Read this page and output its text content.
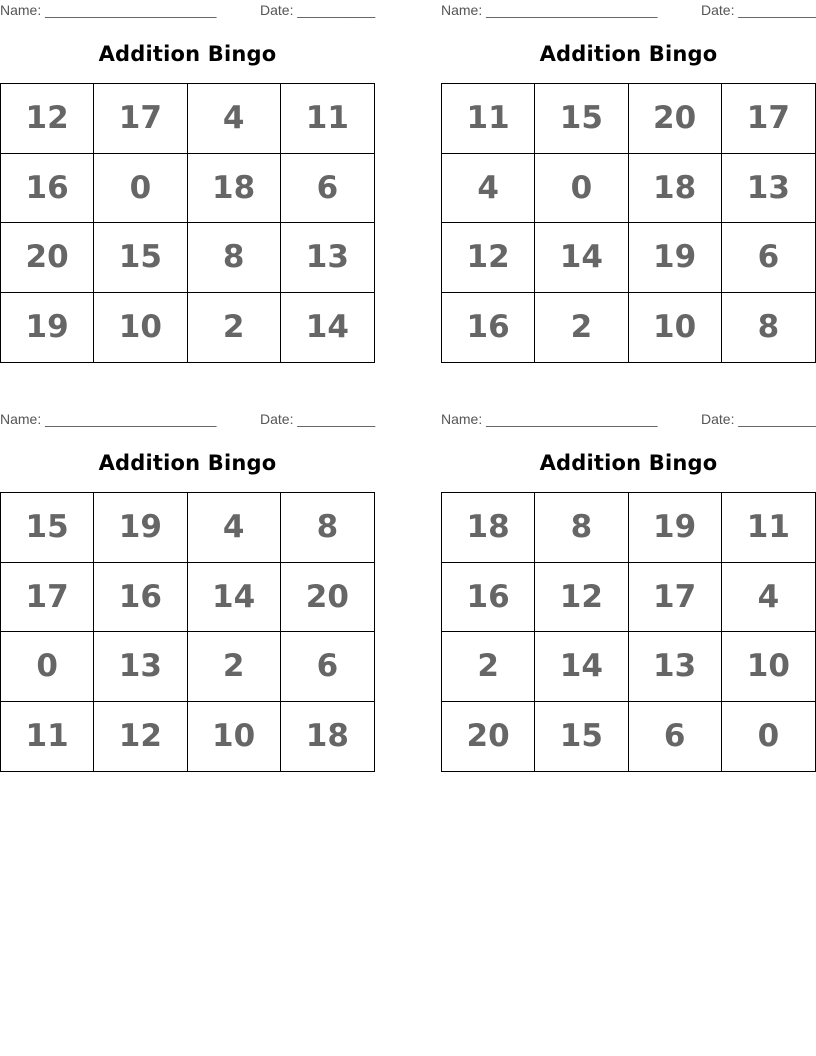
Name: ______________________	Date: __________
Addition Bingo
12	17	4	11
16	0	18	6
20	15	8	13
19	10	2	14
Name: ______________________	Date: __________
Addition Bingo
11	15	20	17
4	0	18	13
12	14	19	6
16	2	10	8
Name: ______________________	Date: __________
Addition Bingo
15	19	4	8
17	16	14	20
0	13	2	6
11	12	10	18
Name: ______________________	Date: __________
Addition Bingo
18	8	19	11
16	12	17	4
2	14	13	10
20	15	6	0
